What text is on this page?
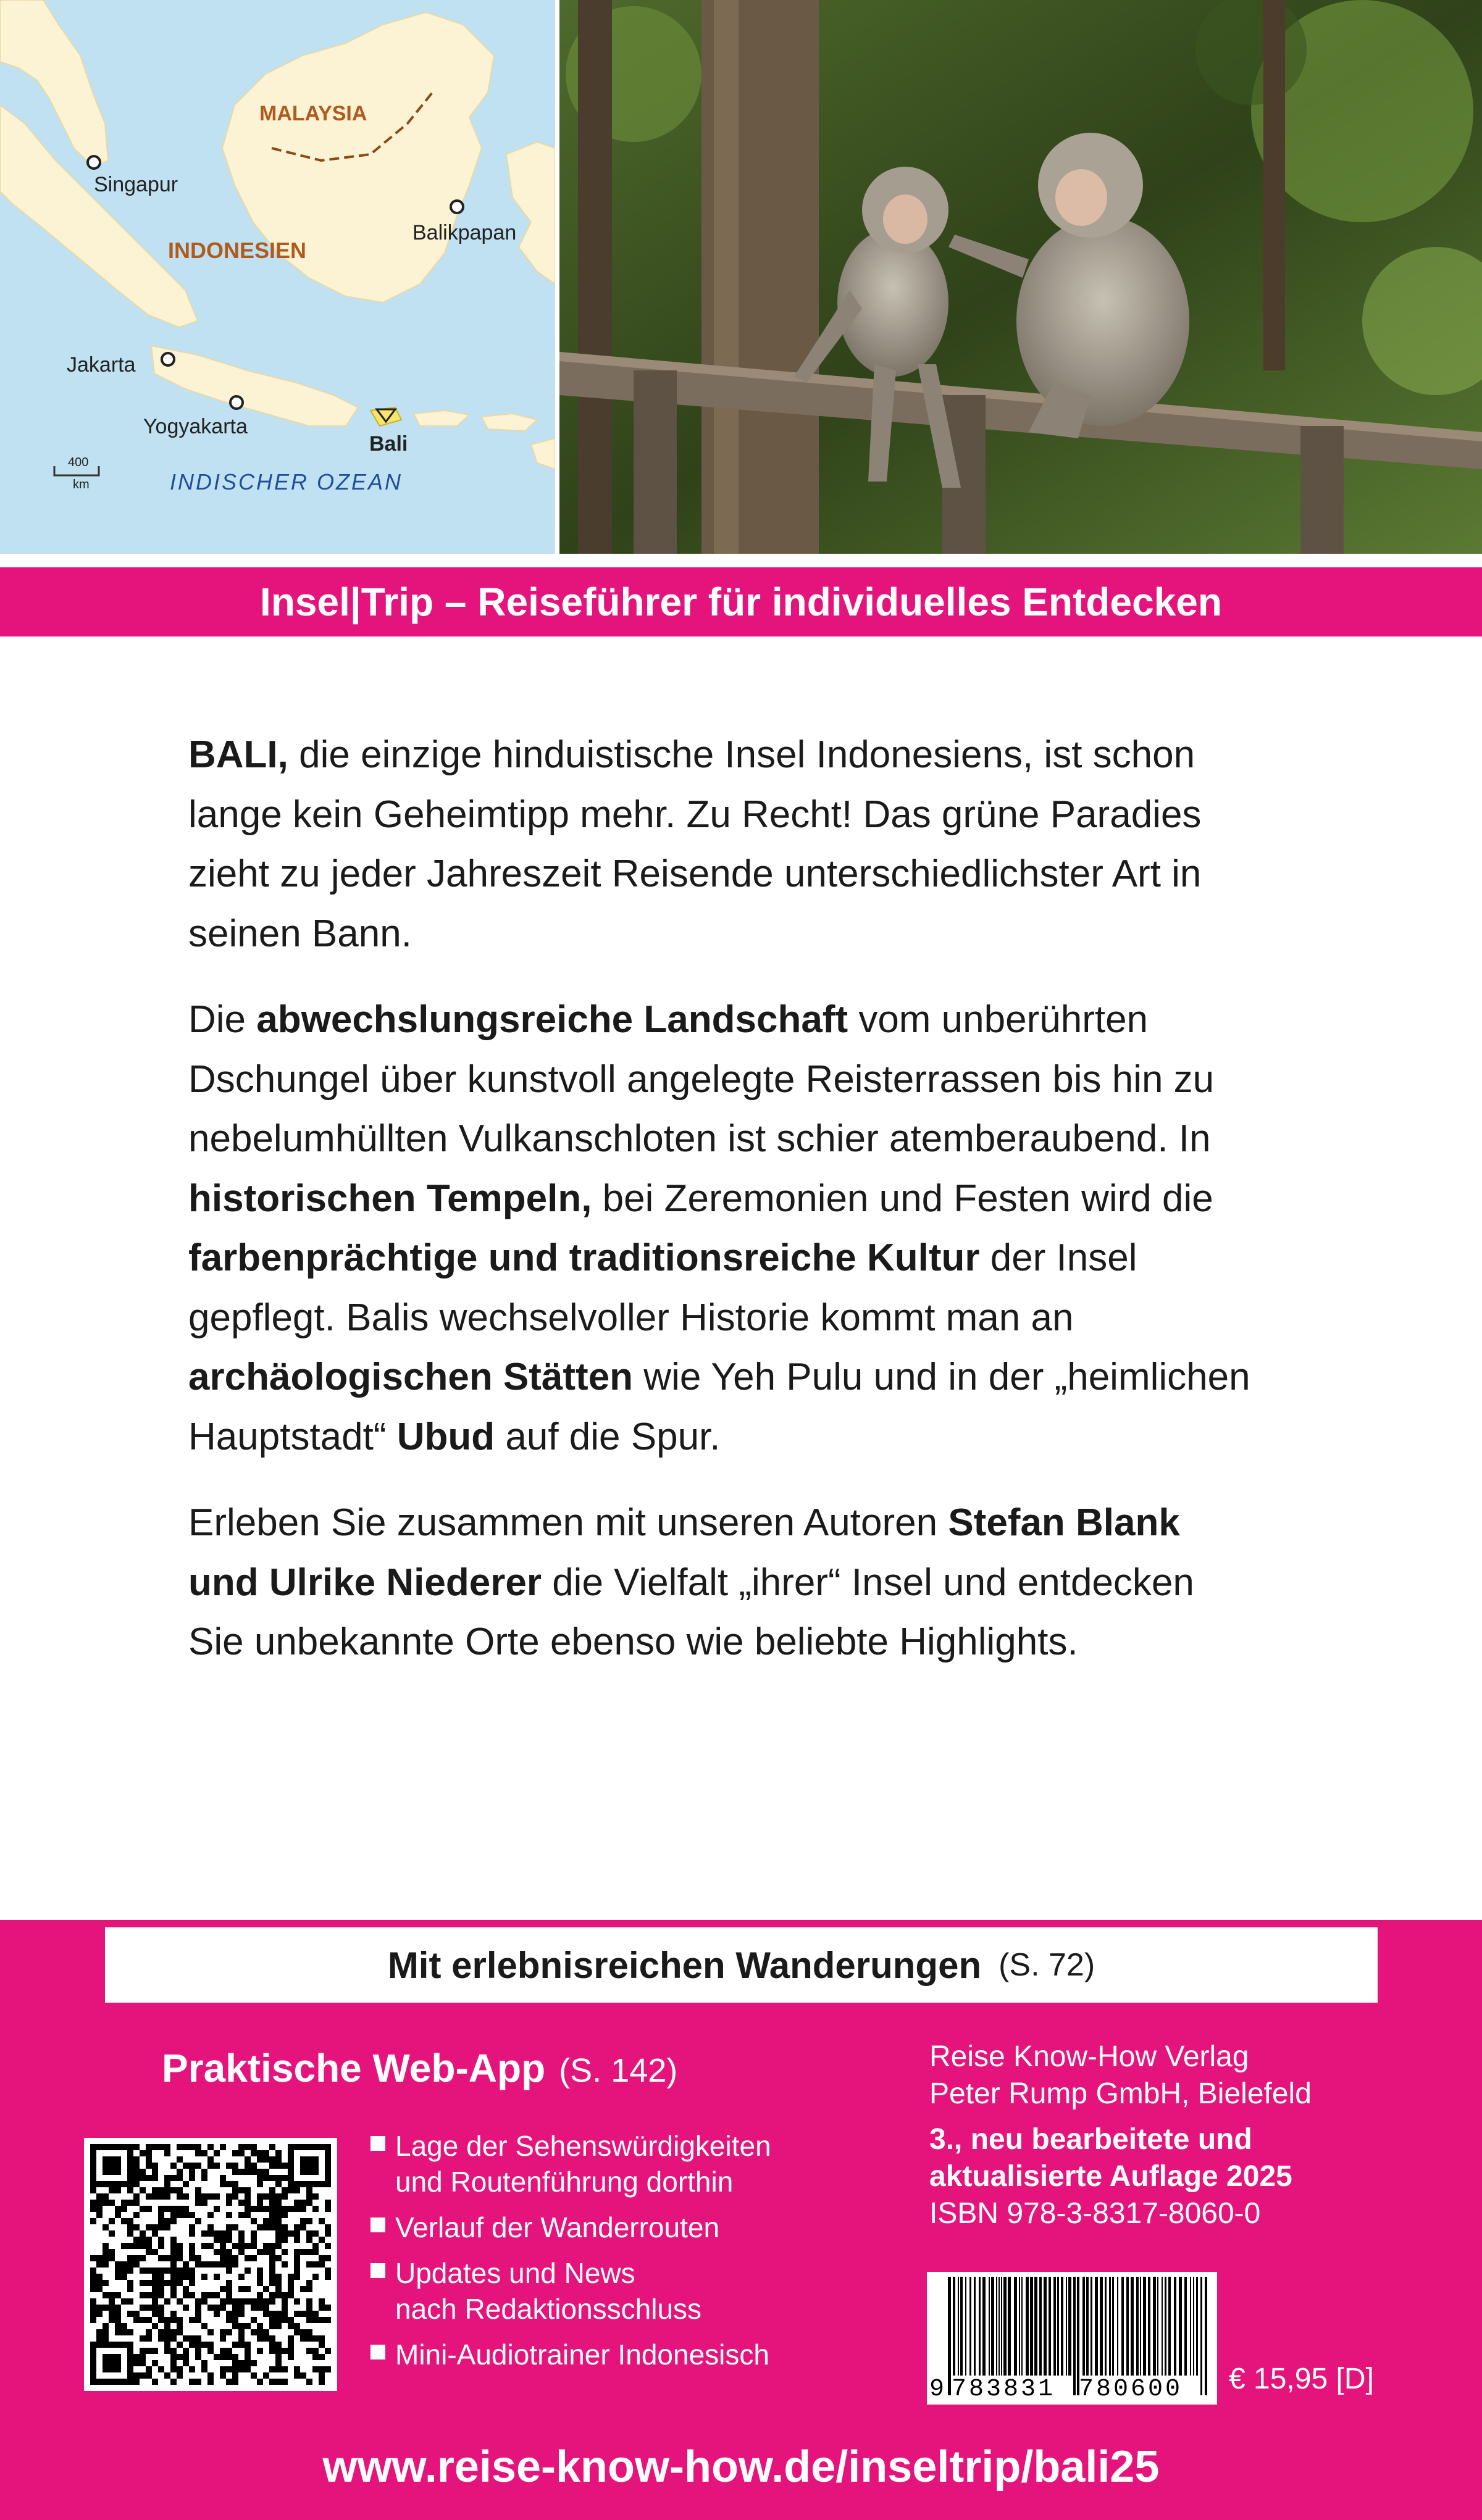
MALAYSIA
Singapur
INDONESIEN
Balikpapan
Jakarta
Yogyakarta
Bali
INDISCHER OZEAN
400
km
Insel|Trip – Reiseführer für individuelles Entdecken

BALI, die einzige hinduistische Insel Indonesiens, ist schon lange kein Geheimtipp mehr. Zu Recht! Das grüne Paradies zieht zu jeder Jahreszeit Reisende unterschiedlichster Art in seinen Bann.

Die abwechslungsreiche Landschaft vom unberührten Dschungel über kunstvoll angelegte Reisterrassen bis hin zu nebelumhüllten Vulkanschloten ist schier atemberaubend. In historischen Tempeln, bei Zeremonien und Festen wird die farbenprächtige und traditionsreiche Kultur der Insel gepflegt. Balis wechselvoller Historie kommt man an archäologischen Stätten wie Yeh Pulu und in der „heimlichen Hauptstadt“ Ubud auf die Spur.

Erleben Sie zusammen mit unseren Autoren Stefan Blank und Ulrike Niederer die Vielfalt „ihrer“ Insel und entdecken Sie unbekannte Orte ebenso wie beliebte Highlights.

Mit erlebnisreichen Wanderungen (S. 72)
Praktische Web-App (S. 142)
Lage der Sehenswürdigkeiten
und Routenführung dorthin
Verlauf der Wanderrouten
Updates und News
nach Redaktionsschluss
Mini-Audiotrainer Indonesisch
Reise Know-How Verlag
Peter Rump GmbH, Bielefeld
3., neu bearbeitete und
aktualisierte Auflage 2025
ISBN 978-3-8317-8060-0
9 783831 780600 € 15,95 [D]
www.reise-know-how.de/inseltrip/bali25
